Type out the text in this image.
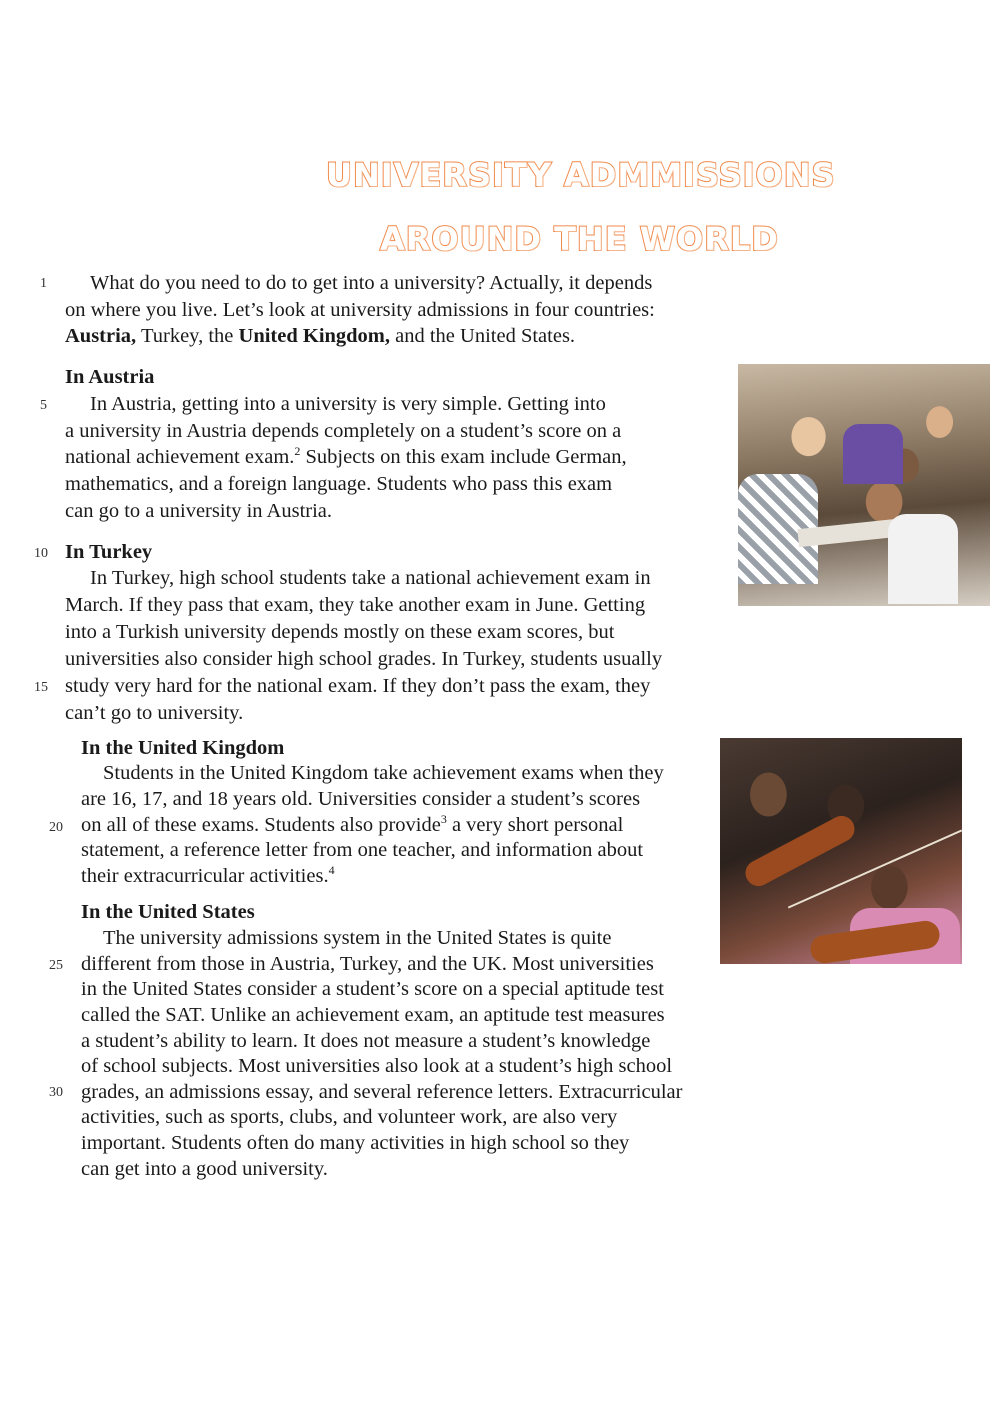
UNIVERSITY ADMMISSIONS
AROUND THE WORLD
1
5
10
15
20
25
30
What do you need to do to get into a university? Actually, it depends
on where you live. Let’s look at university admissions in four countries:
Austria, Turkey, the United Kingdom, and the United States.
In Austria
In Austria, getting into a university is very simple. Getting into
a university in Austria depends completely on a student’s score on a
national achievement exam.$^2$ Subjects on this exam include German,
mathematics, and a foreign language. Students who pass this exam
can go to a university in Austria.
In Turkey
In Turkey, high school students take a national achievement exam in
March. If they pass that exam, they take another exam in June. Getting
into a Turkish university depends mostly on these exam scores, but
universities also consider high school grades. In Turkey, students usually
study very hard for the national exam. If they don’t pass the exam, they
can’t go to university.
In the United Kingdom
Students in the United Kingdom take achievement exams when they
are 16, 17, and 18 years old. Universities consider a student’s scores
on all of these exams. Students also provide$^3$ a very short personal
statement, a reference letter from one teacher, and information about
their extracurricular activities.$^4$
In the United States
The university admissions system in the United States is quite
different from those in Austria, Turkey, and the UK. Most universities
in the United States consider a student’s score on a special aptitude test
called the SAT. Unlike an achievement exam, an aptitude test measures
a student’s ability to learn. It does not measure a student’s knowledge
of school subjects. Most universities also look at a student’s high school
grades, an admissions essay, and several reference letters. Extracurricular
activities, such as sports, clubs, and volunteer work, are also very
important. Students often do many activities in high school so they
can get into a good university.
